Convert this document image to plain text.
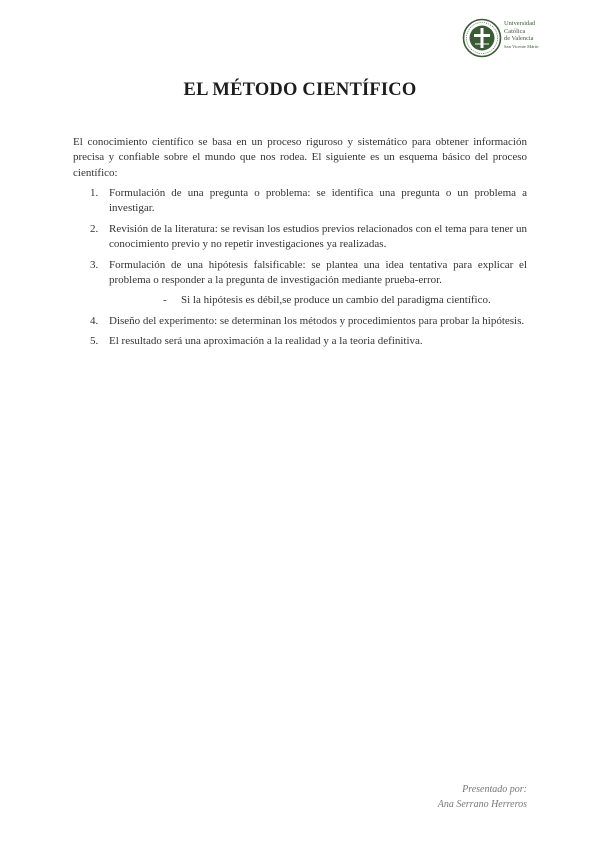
Universidad
Católica
de Valencia
San Vicente Mártir
EL MÉTODO CIENTÍFICO

El conocimiento científico se basa en un proceso riguroso y sistemático para obtener información precisa y confiable sobre el mundo que nos rodea. El siguiente es un esquema básico del proceso científico:

1. Formulación de una pregunta o problema: se identifica una pregunta o un problema a investigar.
2. Revisión de la literatura: se revisan los estudios previos relacionados con el tema para tener un conocimiento previo y no repetir investigaciones ya realizadas.
3. Formulación de una hipótesis falsificable: se plantea una idea tentativa para explicar el problema o responder a la pregunta de investigación mediante prueba-error.
- Si la hipótesis es débil,se produce un cambio del paradigma científico.
4. Diseño del experimento: se determinan los métodos y procedimientos para probar la hipótesis.
5. El resultado será una aproximación a la realidad y a la teoria definitiva.
Presentado por:
Ana Serrano Herreros
